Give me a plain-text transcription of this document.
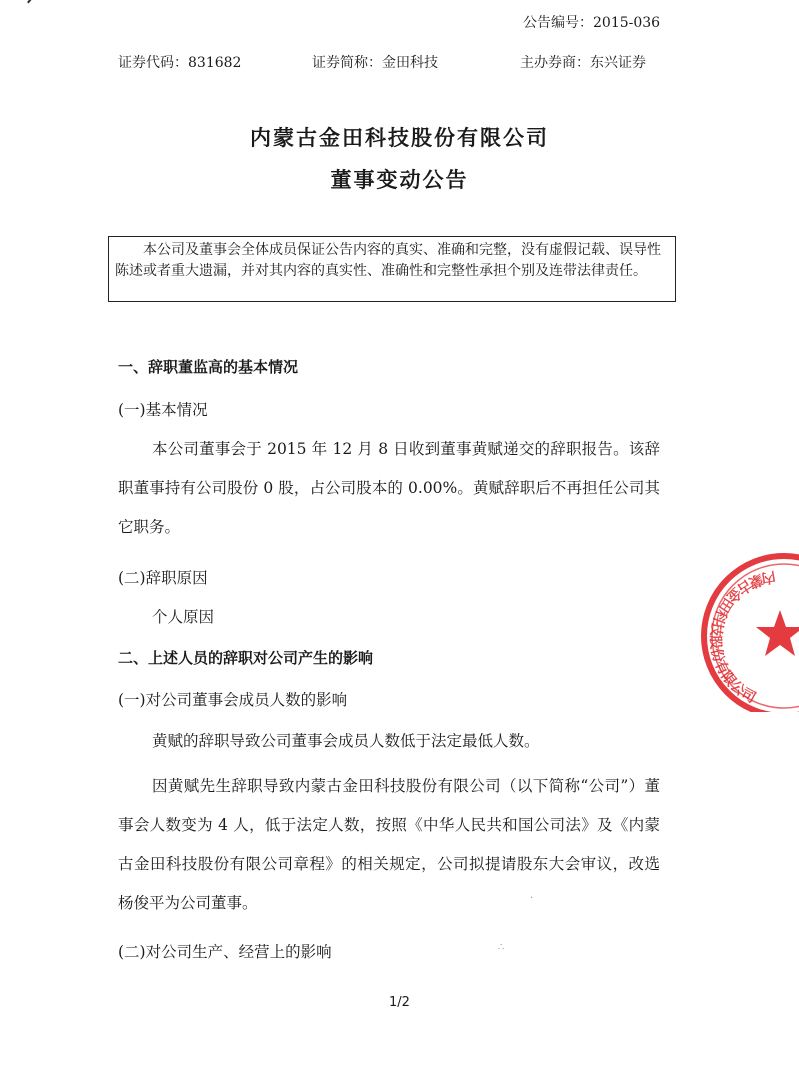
公告编号：2015-036
证券代码：831682	证券简称：金田科技	主办券商：东兴证券
内蒙古金田科技股份有限公司
董事变动公告

本公司及董事会全体成员保证公告内容的真实、准确和完整，没有虚假记载、误导性陈述或者重大遗漏，并对其内容的真实性、准确性和完整性承担个别及连带法律责任。

一、辞职董监高的基本情况
(一)基本情况

本公司董事会于 2015 年 12 月 8 日收到董事黄赋递交的辞职报告。该辞职董事持有公司股份 0 股，占公司股本的 0.00%。黄赋辞职后不再担任公司其它职务。

(二)辞职原因
个人原因
二、上述人员的辞职对公司产生的影响
(一)对公司董事会成员人数的影响

黄赋的辞职导致公司董事会成员人数低于法定最低人数。

因黄赋先生辞职导致内蒙古金田科技股份有限公司（以下简称“公司”）董事会人数变为 4 人，低于法定人数，按照《中华人民共和国公司法》及《内蒙古金田科技股份有限公司章程》的相关规定，公司拟提请股东大会审议，改选杨俊平为公司董事。

(二)对公司生产、经营上的影响
·
∴
1/2
内蒙古金田科技股份有限公司
